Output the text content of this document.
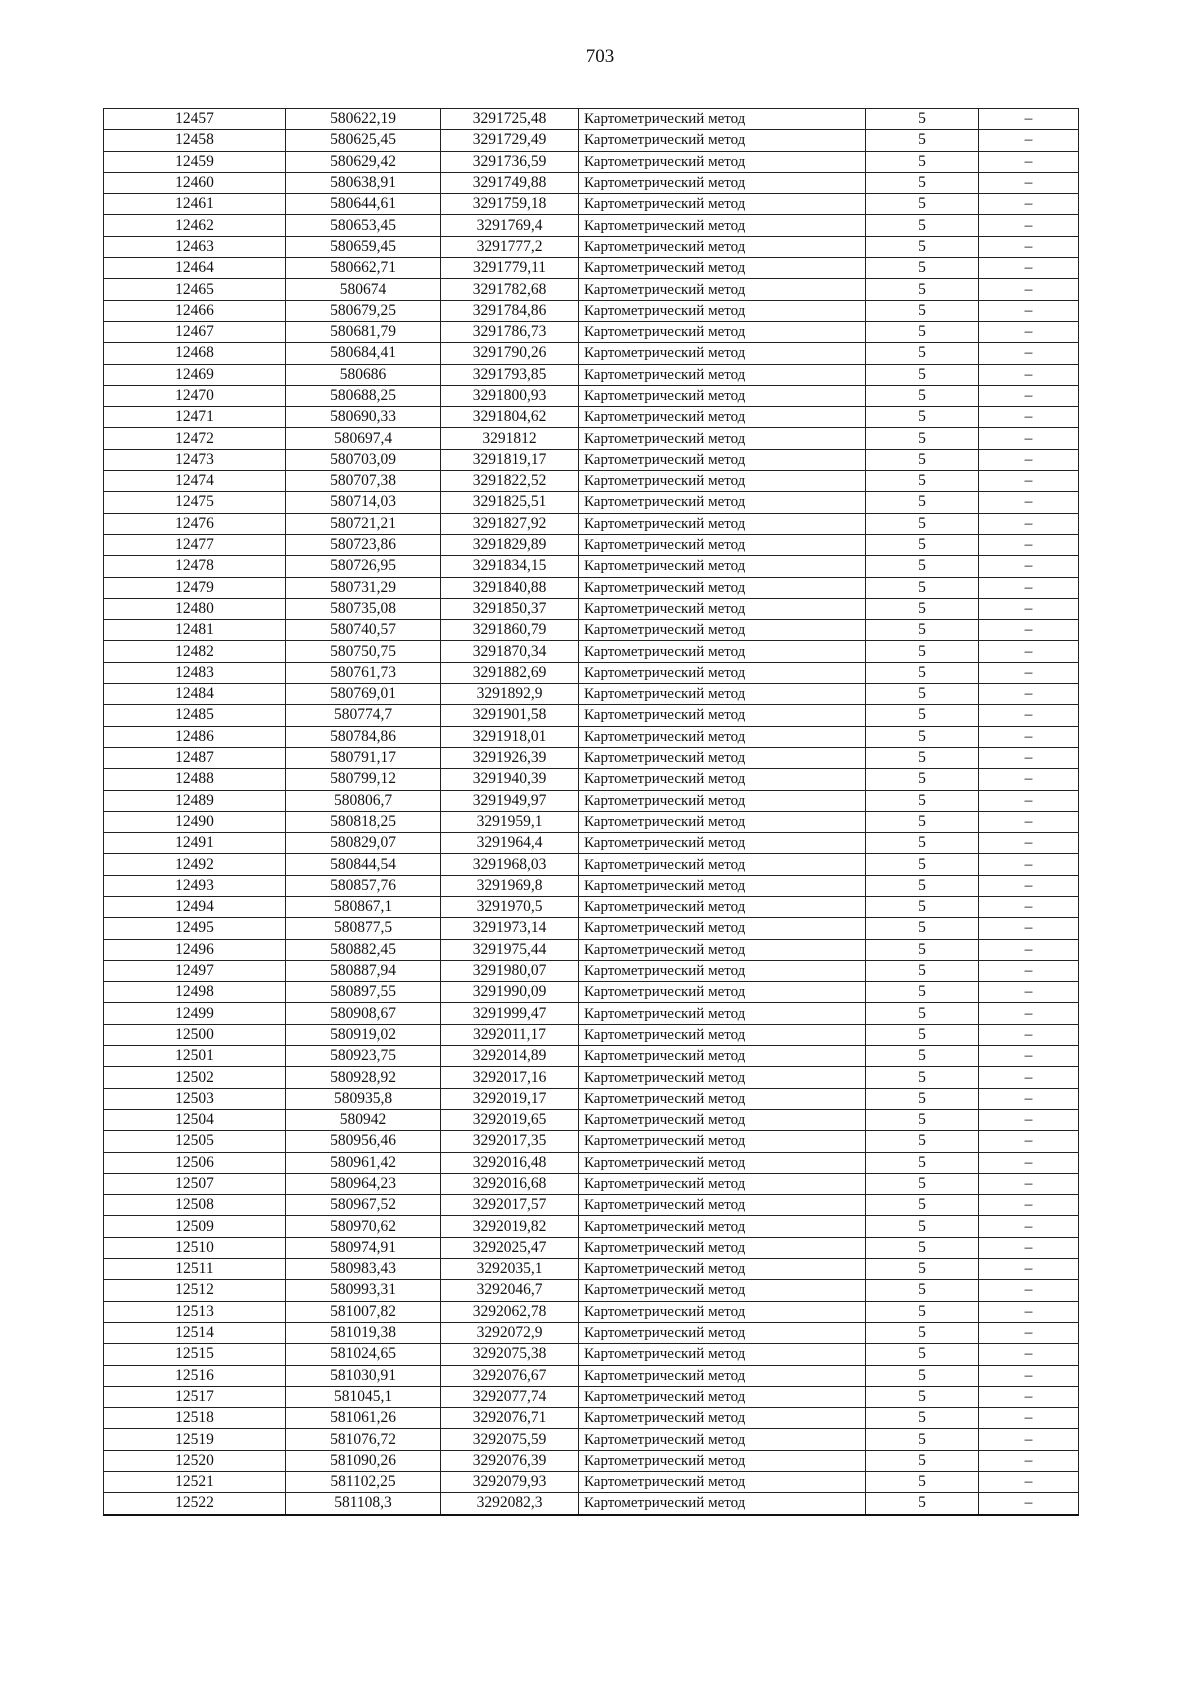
703
12457	580622,19	3291725,48	Картометрический метод	5	–
12458	580625,45	3291729,49	Картометрический метод	5	–
12459	580629,42	3291736,59	Картометрический метод	5	–
12460	580638,91	3291749,88	Картометрический метод	5	–
12461	580644,61	3291759,18	Картометрический метод	5	–
12462	580653,45	3291769,4	Картометрический метод	5	–
12463	580659,45	3291777,2	Картометрический метод	5	–
12464	580662,71	3291779,11	Картометрический метод	5	–
12465	580674	3291782,68	Картометрический метод	5	–
12466	580679,25	3291784,86	Картометрический метод	5	–
12467	580681,79	3291786,73	Картометрический метод	5	–
12468	580684,41	3291790,26	Картометрический метод	5	–
12469	580686	3291793,85	Картометрический метод	5	–
12470	580688,25	3291800,93	Картометрический метод	5	–
12471	580690,33	3291804,62	Картометрический метод	5	–
12472	580697,4	3291812	Картометрический метод	5	–
12473	580703,09	3291819,17	Картометрический метод	5	–
12474	580707,38	3291822,52	Картометрический метод	5	–
12475	580714,03	3291825,51	Картометрический метод	5	–
12476	580721,21	3291827,92	Картометрический метод	5	–
12477	580723,86	3291829,89	Картометрический метод	5	–
12478	580726,95	3291834,15	Картометрический метод	5	–
12479	580731,29	3291840,88	Картометрический метод	5	–
12480	580735,08	3291850,37	Картометрический метод	5	–
12481	580740,57	3291860,79	Картометрический метод	5	–
12482	580750,75	3291870,34	Картометрический метод	5	–
12483	580761,73	3291882,69	Картометрический метод	5	–
12484	580769,01	3291892,9	Картометрический метод	5	–
12485	580774,7	3291901,58	Картометрический метод	5	–
12486	580784,86	3291918,01	Картометрический метод	5	–
12487	580791,17	3291926,39	Картометрический метод	5	–
12488	580799,12	3291940,39	Картометрический метод	5	–
12489	580806,7	3291949,97	Картометрический метод	5	–
12490	580818,25	3291959,1	Картометрический метод	5	–
12491	580829,07	3291964,4	Картометрический метод	5	–
12492	580844,54	3291968,03	Картометрический метод	5	–
12493	580857,76	3291969,8	Картометрический метод	5	–
12494	580867,1	3291970,5	Картометрический метод	5	–
12495	580877,5	3291973,14	Картометрический метод	5	–
12496	580882,45	3291975,44	Картометрический метод	5	–
12497	580887,94	3291980,07	Картометрический метод	5	–
12498	580897,55	3291990,09	Картометрический метод	5	–
12499	580908,67	3291999,47	Картометрический метод	5	–
12500	580919,02	3292011,17	Картометрический метод	5	–
12501	580923,75	3292014,89	Картометрический метод	5	–
12502	580928,92	3292017,16	Картометрический метод	5	–
12503	580935,8	3292019,17	Картометрический метод	5	–
12504	580942	3292019,65	Картометрический метод	5	–
12505	580956,46	3292017,35	Картометрический метод	5	–
12506	580961,42	3292016,48	Картометрический метод	5	–
12507	580964,23	3292016,68	Картометрический метод	5	–
12508	580967,52	3292017,57	Картометрический метод	5	–
12509	580970,62	3292019,82	Картометрический метод	5	–
12510	580974,91	3292025,47	Картометрический метод	5	–
12511	580983,43	3292035,1	Картометрический метод	5	–
12512	580993,31	3292046,7	Картометрический метод	5	–
12513	581007,82	3292062,78	Картометрический метод	5	–
12514	581019,38	3292072,9	Картометрический метод	5	–
12515	581024,65	3292075,38	Картометрический метод	5	–
12516	581030,91	3292076,67	Картометрический метод	5	–
12517	581045,1	3292077,74	Картометрический метод	5	–
12518	581061,26	3292076,71	Картометрический метод	5	–
12519	581076,72	3292075,59	Картометрический метод	5	–
12520	581090,26	3292076,39	Картометрический метод	5	–
12521	581102,25	3292079,93	Картометрический метод	5	–
12522	581108,3	3292082,3	Картометрический метод	5	–
